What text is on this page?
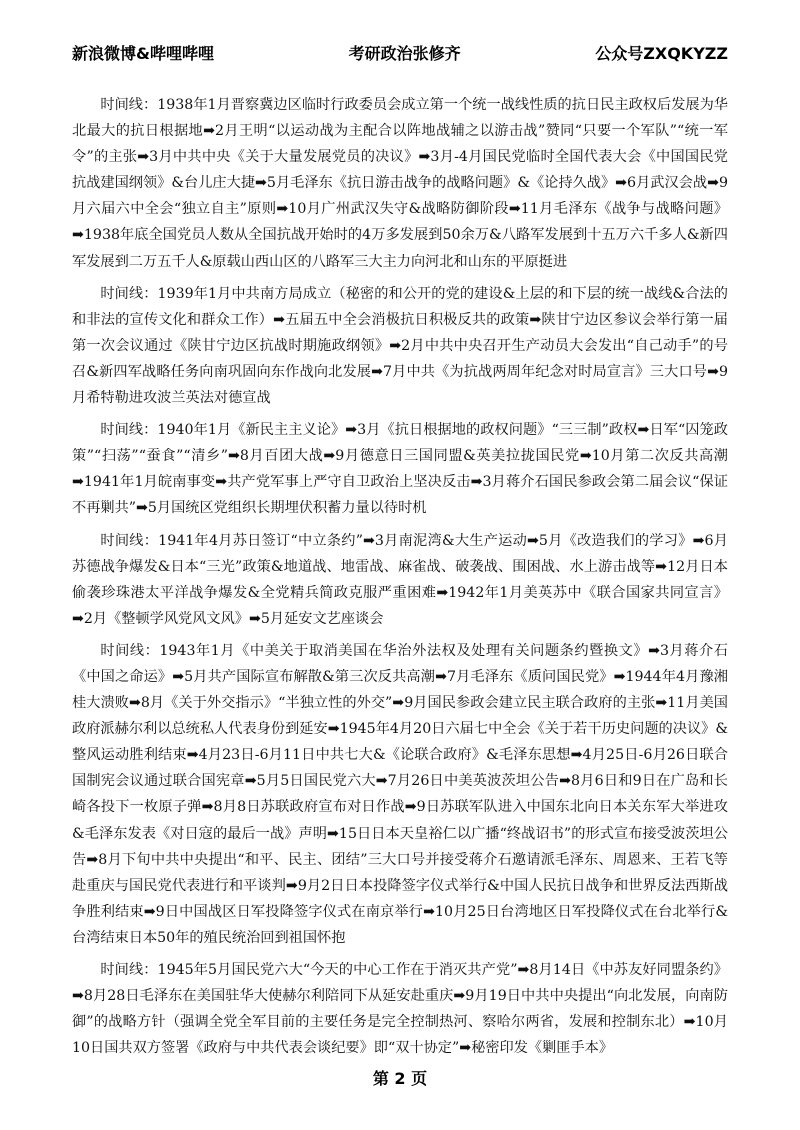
新浪微博&哔哩哔哩	考研政治张修齐	公众号ZXQKYZZ

时间线：1938年1月晋察冀边区临时行政委员会成立第一个统一战线性质的抗日民主政权后发展为华北最大的抗日根据地➡2月王明“以运动战为主配合以阵地战辅之以游击战”赞同“只要一个军队”“统一军令”的主张➡3月中共中央《关于大量发展党员的决议》➡3月-4月国民党临时全国代表大会《中国国民党抗战建国纲领》&台儿庄大捷➡5月毛泽东《抗日游击战争的战略问题》&《论持久战》➡6月武汉会战➡9月六届六中全会“独立自主”原则➡10月广州武汉失守&战略防御阶段➡11月毛泽东《战争与战略问题》➡1938年底全国党员人数从全国抗战开始时的4万多发展到50余万&八路军发展到十五万六千多人&新四军发展到二万五千人&原载山西山区的八路军三大主力向河北和山东的平原挺进

时间线：1939年1月中共南方局成立（秘密的和公开的党的建设&上层的和下层的统一战线&合法的和非法的宣传文化和群众工作）➡五届五中全会消极抗日积极反共的政策➡陕甘宁边区参议会举行第一届第一次会议通过《陕甘宁边区抗战时期施政纲领》➡2月中共中央召开生产动员大会发出“自己动手”的号召&新四军战略任务向南巩固向东作战向北发展➡7月中共《为抗战两周年纪念对时局宣言》三大口号➡9月希特勒进攻波兰英法对德宣战

时间线：1940年1月《新民主主义论》➡3月《抗日根据地的政权问题》“三三制”政权➡日军“囚笼政策”“扫荡”“蚕食”“清乡”➡8月百团大战➡9月德意日三国同盟&英美拉拢国民党➡10月第二次反共高潮➡1941年1月皖南事变➡共产党军事上严守自卫政治上坚决反击➡3月蒋介石国民参政会第二届会议“保证不再剿共”➡5月国统区党组织长期埋伏积蓄力量以待时机

时间线：1941年4月苏日签订“中立条约”➡3月南泥湾&大生产运动➡5月《改造我们的学习》➡6月苏德战争爆发&日本“三光”政策&地道战、地雷战、麻雀战、破袭战、围困战、水上游击战等➡12月日本偷袭珍珠港太平洋战争爆发&全党精兵简政克服严重困难➡1942年1月美英苏中《联合国家共同宣言》➡2月《整顿学风党风文风》➡5月延安文艺座谈会

时间线：1943年1月《中美关于取消美国在华治外法权及处理有关问题条约暨换文》➡3月蒋介石《中国之命运》➡5月共产国际宣布解散&第三次反共高潮➡7月毛泽东《质问国民党》➡1944年4月豫湘桂大溃败➡8月《关于外交指示》“半独立性的外交”➡9月国民参政会建立民主联合政府的主张➡11月美国政府派赫尔利以总统私人代表身份到延安➡1945年4月20日六届七中全会《关于若干历史问题的决议》&整风运动胜利结束➡4月23日-6月11日中共七大&《论联合政府》&毛泽东思想➡4月25日-6月26日联合国制宪会议通过联合国宪章➡5月5日国民党六大➡7月26日中美英波茨坦公告➡8月6日和9日在广岛和长崎各投下一枚原子弹➡8月8日苏联政府宣布对日作战➡9日苏联军队进入中国东北向日本关东军大举进攻&毛泽东发表《对日寇的最后一战》声明➡15日日本天皇裕仁以广播“终战诏书”的形式宣布接受波茨坦公告➡8月下旬中共中央提出“和平、民主、团结”三大口号并接受蒋介石邀请派毛泽东、周恩来、王若飞等赴重庆与国民党代表进行和平谈判➡9月2日日本投降签字仪式举行&中国人民抗日战争和世界反法西斯战争胜利结束➡9日中国战区日军投降签字仪式在南京举行➡10月25日台湾地区日军投降仪式在台北举行&台湾结束日本50年的殖民统治回到祖国怀抱

时间线：1945年5月国民党六大“今天的中心工作在于消灭共产党”➡8月14日《中苏友好同盟条约》➡8月28日毛泽东在美国驻华大使赫尔利陪同下从延安赴重庆➡9月19日中共中央提出“向北发展，向南防御”的战略方针（强调全党全军目前的主要任务是完全控制热河、察哈尔两省，发展和控制东北）➡10月10日国共双方签署《政府与中共代表会谈纪要》即“双十协定”➡秘密印发《剿匪手本》

第 2 页
